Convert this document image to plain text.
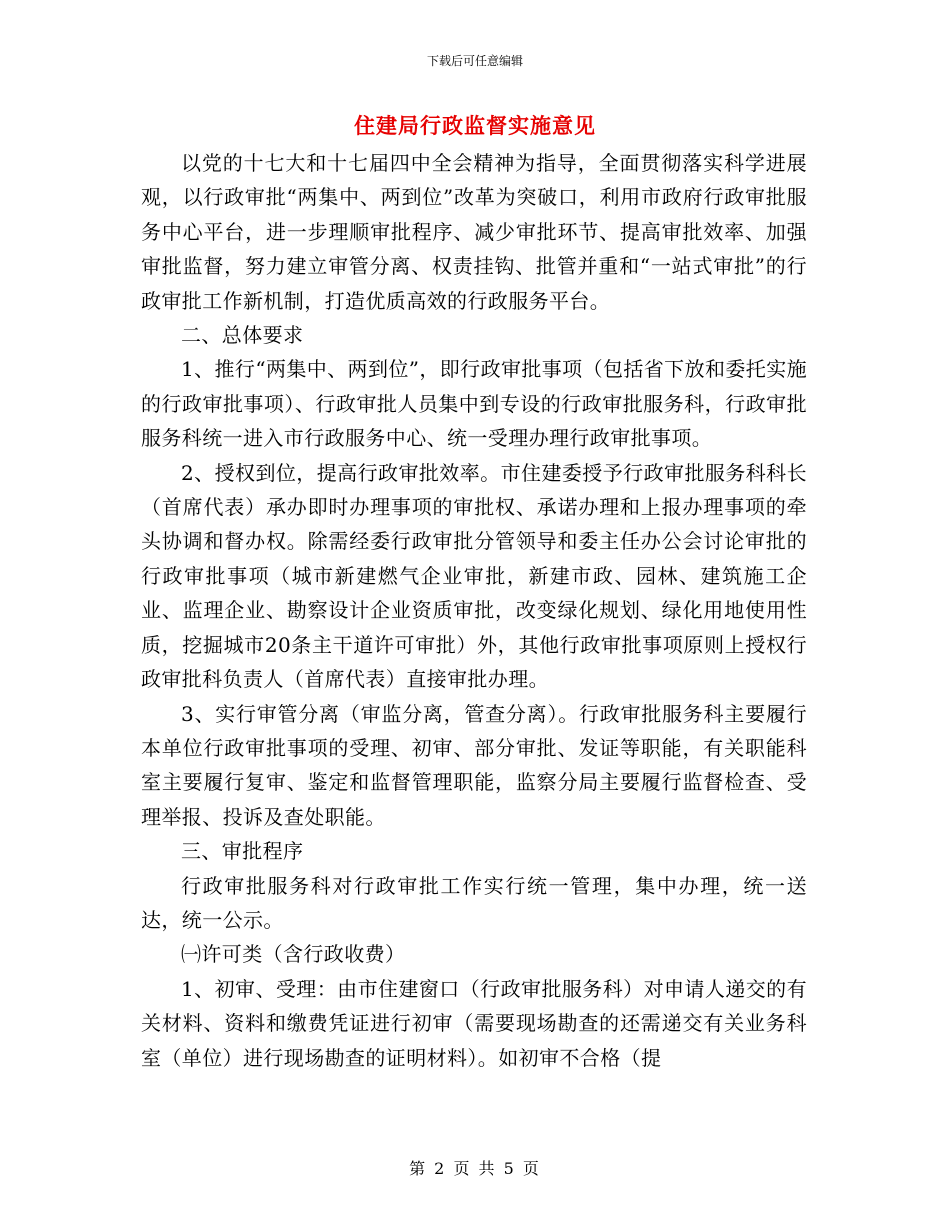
下载后可任意编辑
住建局行政监督实施意见

以党的十七大和十七届四中全会精神为指导，全面贯彻落实科学进展观，以行政审批“两集中、两到位”改革为突破口，利用市政府行政审批服务中心平台，进一步理顺审批程序、减少审批环节、提高审批效率、加强审批监督，努力建立审管分离、权责挂钩、批管并重和“一站式审批”的行政审批工作新机制，打造优质高效的行政服务平台。

二、总体要求

1、推行“两集中、两到位”，即行政审批事项（包括省下放和委托实施的行政审批事项）、行政审批人员集中到专设的行政审批服务科，行政审批服务科统一进入市行政服务中心、统一受理办理行政审批事项。

2、授权到位，提高行政审批效率。市住建委授予行政审批服务科科长（首席代表）承办即时办理事项的审批权、承诺办理和上报办理事项的牵头协调和督办权。除需经委行政审批分管领导和委主任办公会讨论审批的行政审批事项（城市新建燃气企业审批，新建市政、园林、建筑施工企业、监理企业、勘察设计企业资质审批，改变绿化规划、绿化用地使用性质，挖掘城市20条主干道许可审批）外，其他行政审批事项原则上授权行政审批科负责人（首席代表）直接审批办理。

3、实行审管分离（审监分离，管查分离）。行政审批服务科主要履行本单位行政审批事项的受理、初审、部分审批、发证等职能，有关职能科室主要履行复审、鉴定和监督管理职能，监察分局主要履行监督检查、受理举报、投诉及查处职能。

三、审批程序

行政审批服务科对行政审批工作实行统一管理，集中办理，统一送达，统一公示。

㈠许可类（含行政收费）

1、初审、受理：由市住建窗口（行政审批服务科）对申请人递交的有关材料、资料和缴费凭证进行初审（需要现场勘查的还需递交有关业务科室（单位）进行现场勘查的证明材料）。如初审不合格（提

第 2 页 共 5 页
